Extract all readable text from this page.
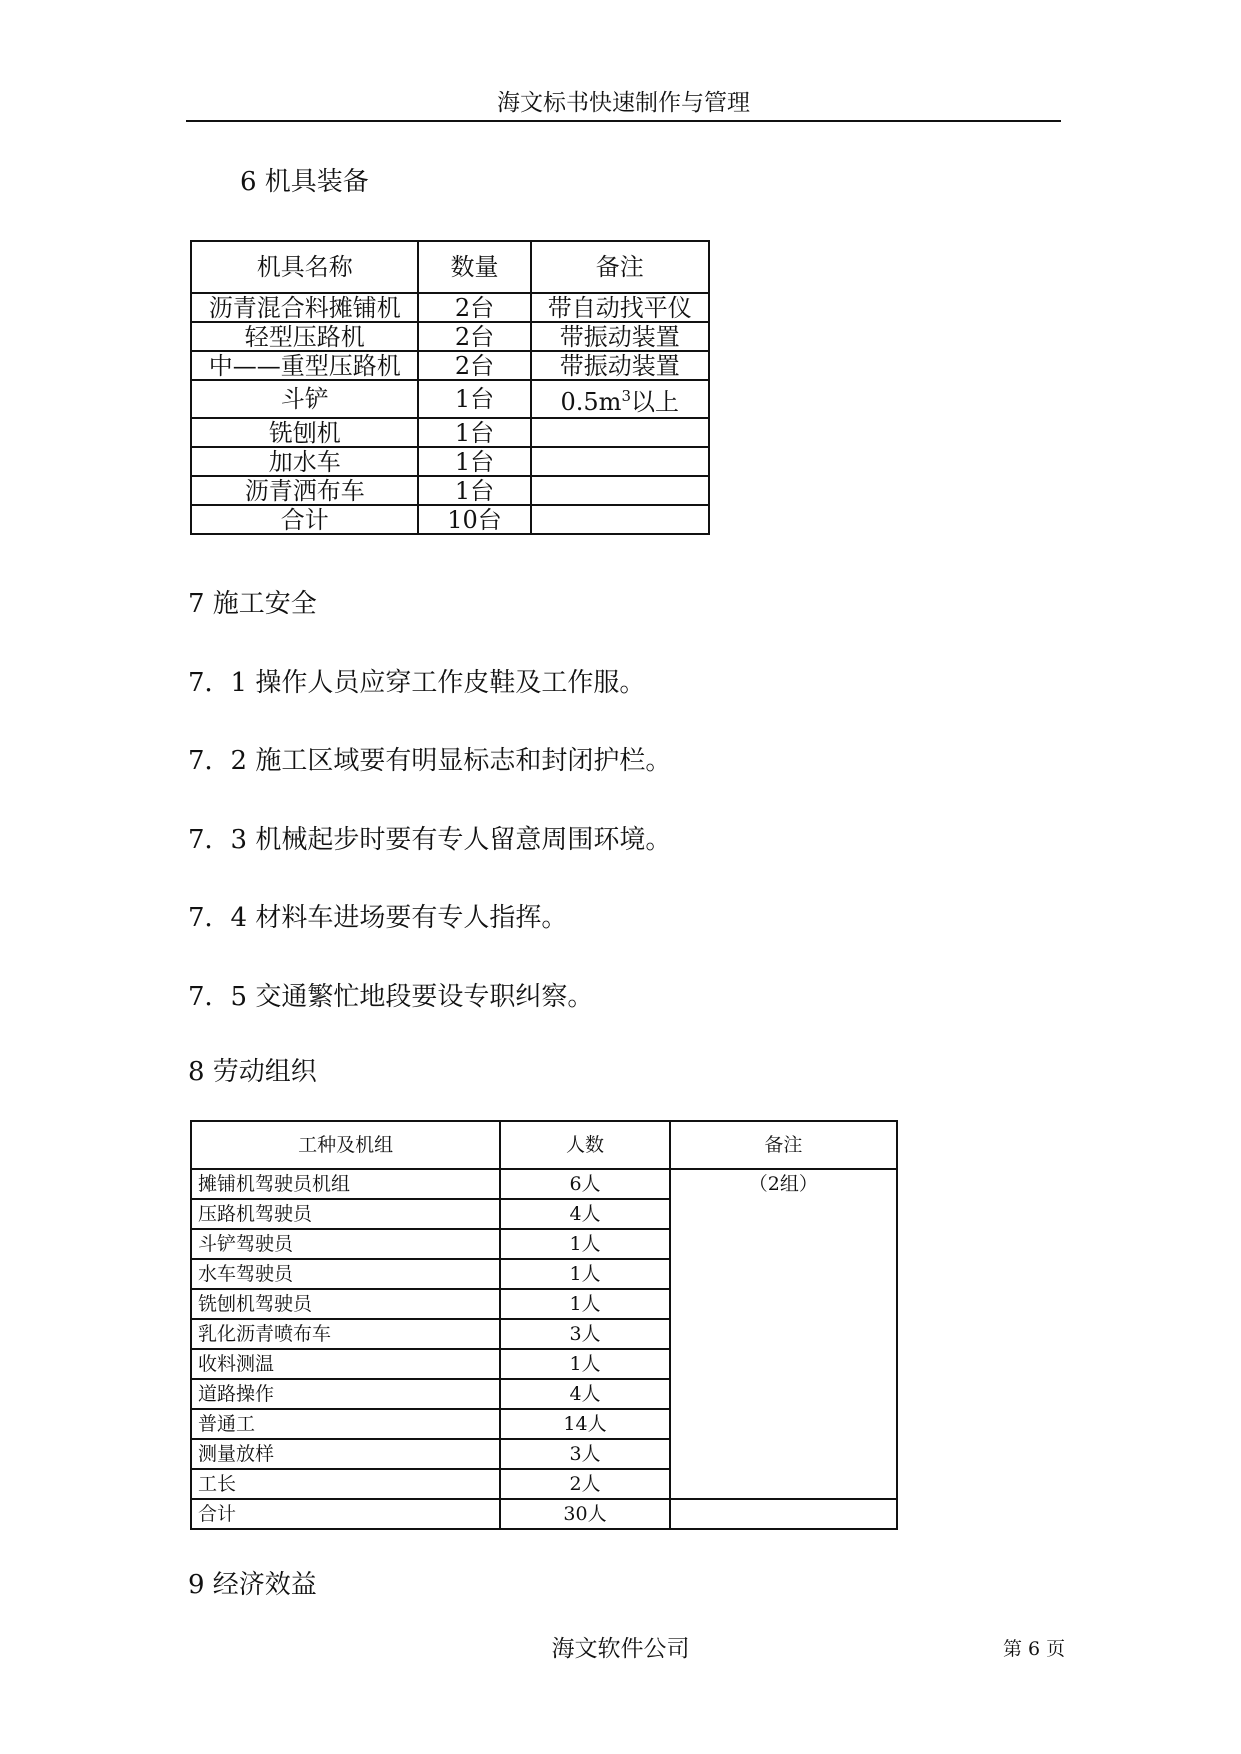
海文标书快速制作与管理
6 机具装备
机具名称	数量	备注
沥青混合料摊铺机	2台	带自动找平仪
轻型压路机	2台	带振动装置
中——重型压路机	2台	带振动装置
斗铲	1台	$0.5m^3$以上
铣刨机	1台	
加水车	1台	
沥青洒布车	1台	
合计	10台	
7 施工安全
7．1 操作人员应穿工作皮鞋及工作服。
7．2 施工区域要有明显标志和封闭护栏。
7．3 机械起步时要有专人留意周围环境。
7．4 材料车进场要有专人指挥。
7．5 交通繁忙地段要设专职纠察。
8 劳动组织
工种及机组	人数	备注
摊铺机驾驶员机组	6人	（2组）
压路机驾驶员	4人	
斗铲驾驶员	1人	
水车驾驶员	1人	
铣刨机驾驶员	1人	
乳化沥青喷布车	3人	
收料测温	1人	
道路操作	4人	
普通工	14人	
测量放样	3人	
工长	2人	
合计	30人	
9 经济效益
海文软件公司	第 6 页
